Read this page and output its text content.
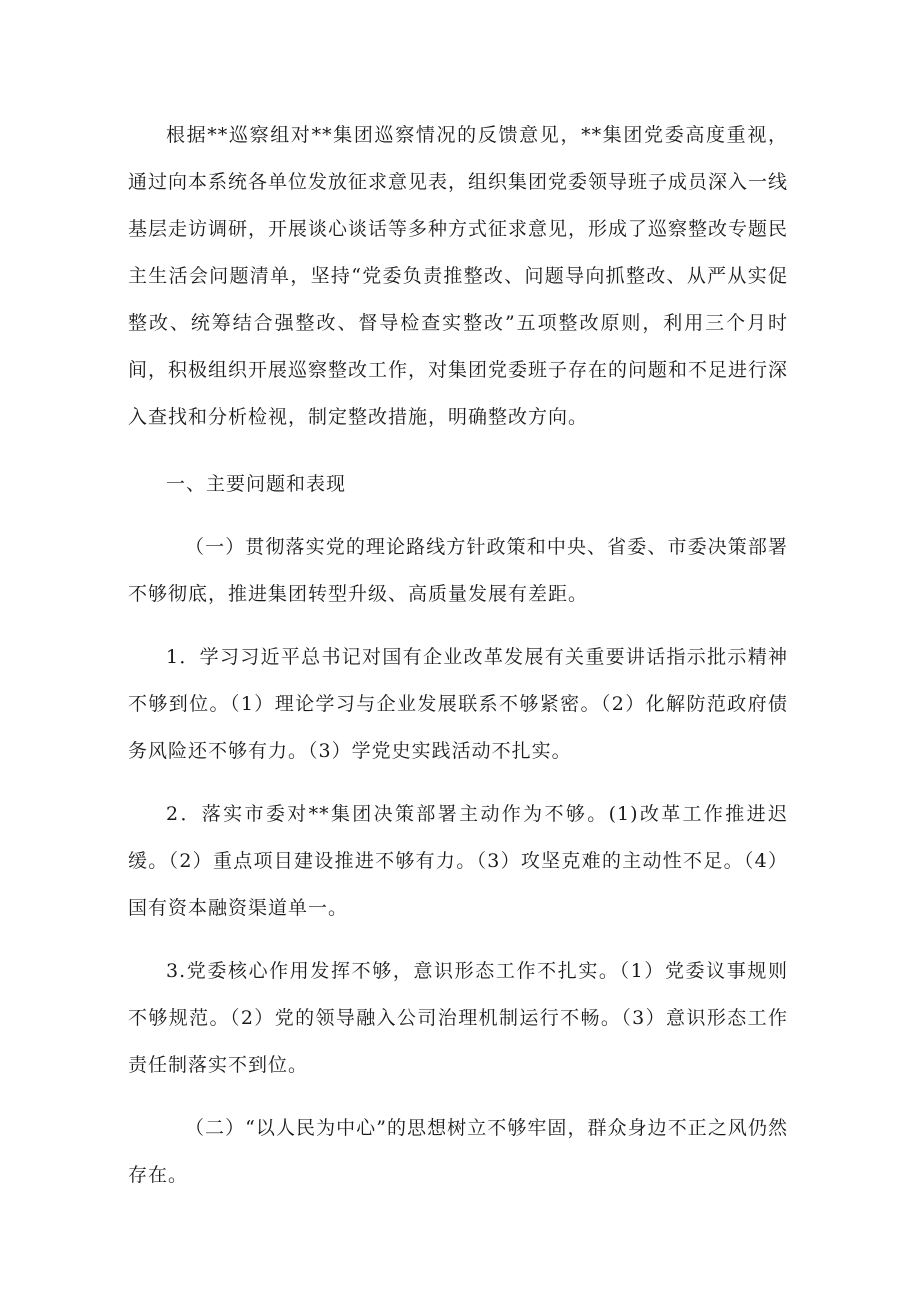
根据**巡察组对**集团巡察情况的反馈意见，**集团党委高度重视，通过向本系统各单位发放征求意见表，组织集团党委领导班子成员深入一线基层走访调研，开展谈心谈话等多种方式征求意见，形成了巡察整改专题民主生活会问题清单，坚持“党委负责推整改、问题导向抓整改、从严从实促整改、统筹结合强整改、督导检查实整改”五项整改原则，利用三个月时间，积极组织开展巡察整改工作，对集团党委班子存在的问题和不足进行深入查找和分析检视，制定整改措施，明确整改方向。

一、主要问题和表现

（一）贯彻落实党的理论路线方针政策和中央、省委、市委决策部署不够彻底，推进集团转型升级、高质量发展有差距。

1．学习习近平总书记对国有企业改革发展有关重要讲话指示批示精神不够到位。（1）理论学习与企业发展联系不够紧密。（2）化解防范政府债务风险还不够有力。（3）学党史实践活动不扎实。

2．落实市委对**集团决策部署主动作为不够。(1)改革工作推进迟缓。（2）重点项目建设推进不够有力。（3）攻坚克难的主动性不足。（4）国有资本融资渠道单一。

3.党委核心作用发挥不够，意识形态工作不扎实。（1）党委议事规则不够规范。（2）党的领导融入公司治理机制运行不畅。（3）意识形态工作责任制落实不到位。

（二）“以人民为中心”的思想树立不够牢固，群众身边不正之风仍然存在。
